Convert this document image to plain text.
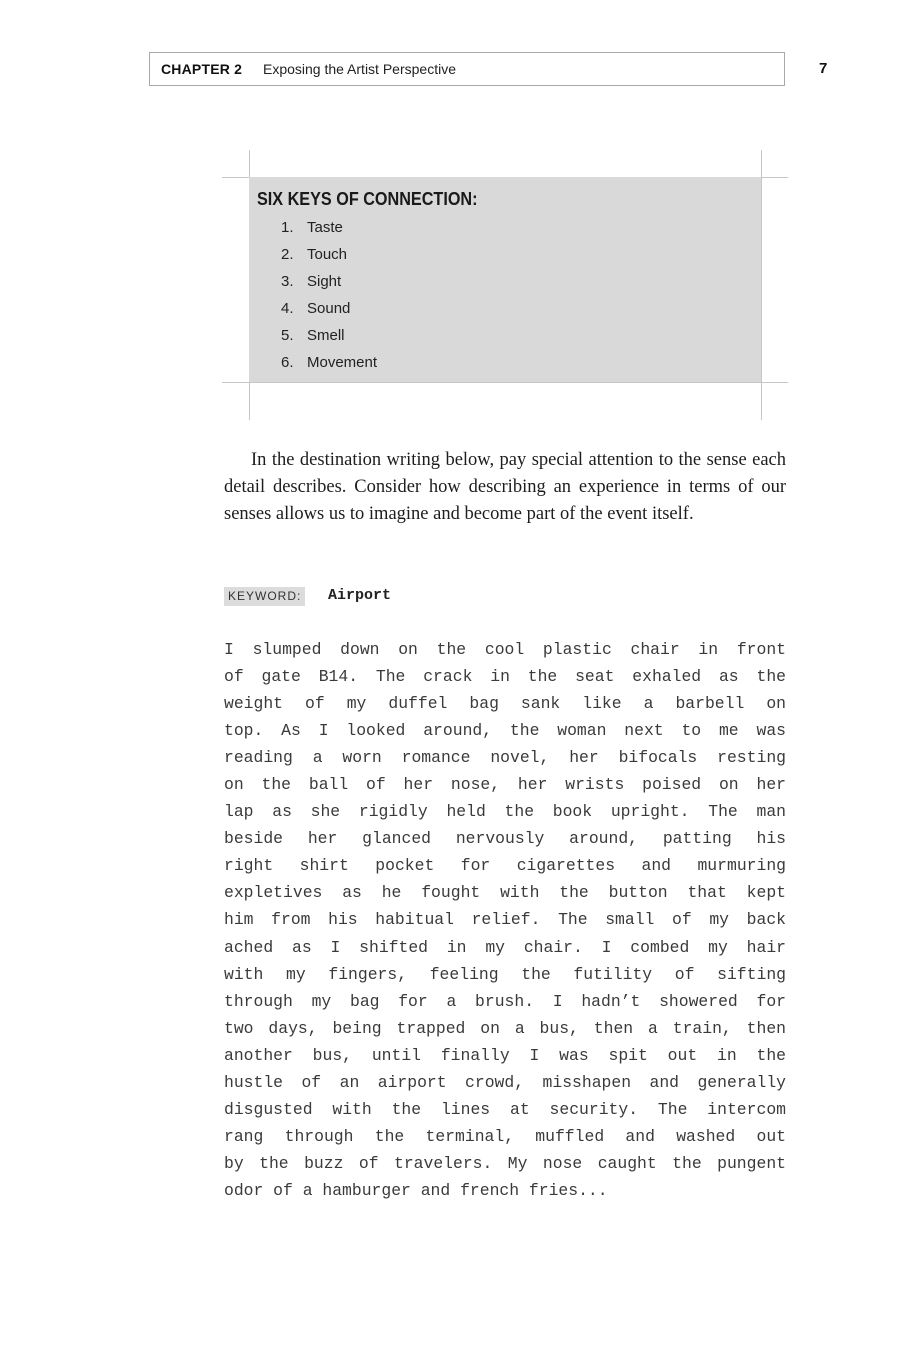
CHAPTER 2 Exposing the Artist Perspective	7
SIX KEYS OF CONNECTION:
1. Taste
2. Touch
3. Sight
4. Sound
5. Smell
6. Movement

In the destination writing below, pay special attention to the sense each detail describes. Consider how describing an experience in terms of our senses allows us to imagine and become part of the event itself.

KEYWORD: Airport
I slumped down on the cool plastic chair in front
of gate B14. The crack in the seat exhaled as the
weight of my duffel bag sank like a barbell on
top. As I looked around, the woman next to me was
reading a worn romance novel, her bifocals resting
on the ball of her nose, her wrists poised on her
lap as she rigidly held the book upright. The man
beside her glanced nervously around, patting his
right shirt pocket for cigarettes and murmuring
expletives as he fought with the button that kept
him from his habitual relief. The small of my back
ached as I shifted in my chair. I combed my hair
with my fingers, feeling the futility of sifting
through my bag for a brush. I hadn’t showered for
two days, being trapped on a bus, then a train, then
another bus, until finally I was spit out in the
hustle of an airport crowd, misshapen and generally
disgusted with the lines at security. The intercom
rang through the terminal, muffled and washed out
by the buzz of travelers. My nose caught the pungent
odor of a hamburger and french fries...
